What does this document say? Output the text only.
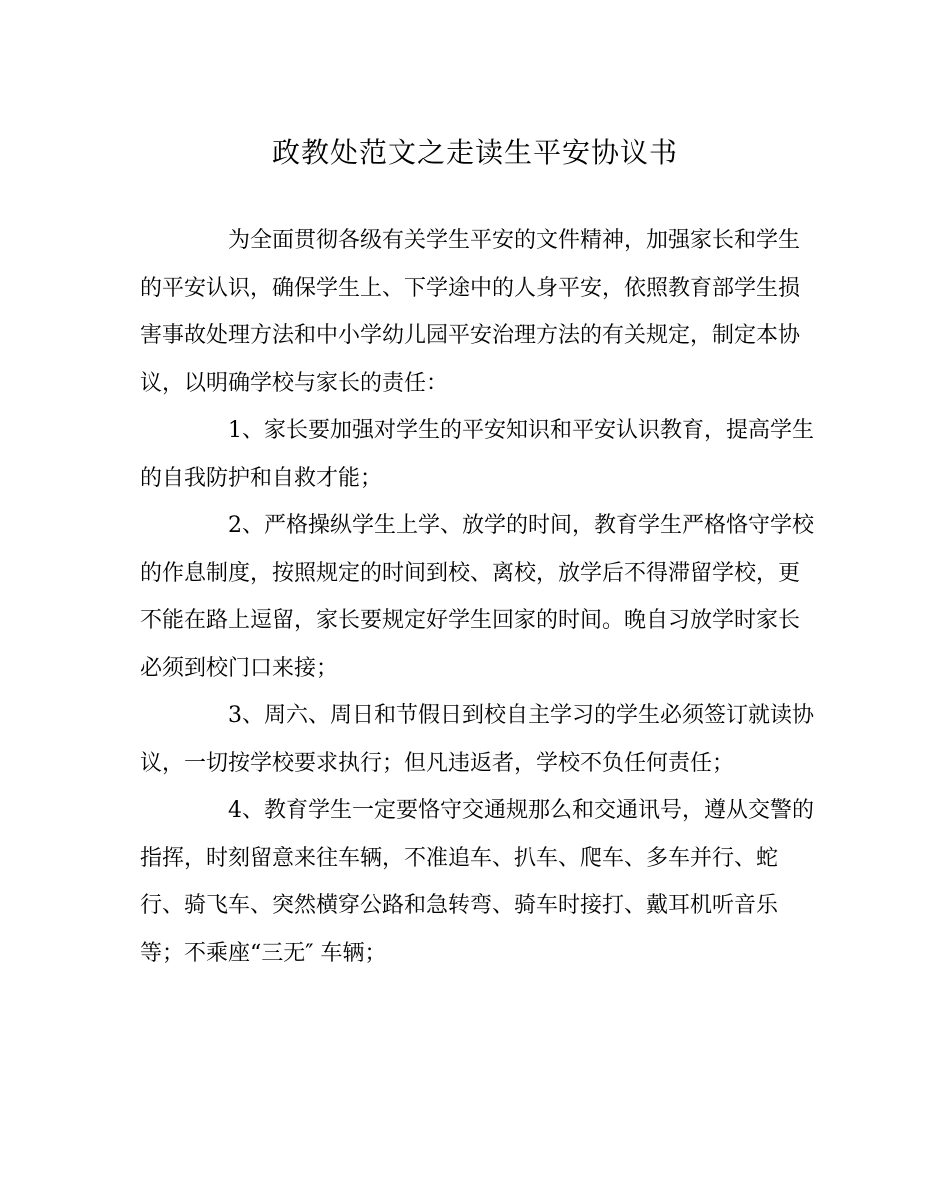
政教处范文之走读生平安协议书
为全面贯彻各级有关学生平安的文件精神，加强家长和学生
的平安认识，确保学生上、下学途中的人身平安，依照教育部学生损
害事故处理方法和中小学幼儿园平安治理方法的有关规定，制定本协
议，以明确学校与家长的责任：
1、家长要加强对学生的平安知识和平安认识教育，提高学生
的自我防护和自救才能；
2、严格操纵学生上学、放学的时间，教育学生严格恪守学校
的作息制度，按照规定的时间到校、离校，放学后不得滞留学校，更
不能在路上逗留，家长要规定好学生回家的时间。晚自习放学时家长
必须到校门口来接；
3、周六、周日和节假日到校自主学习的学生必须签订就读协
议，一切按学校要求执行；但凡违返者，学校不负任何责任；
4、教育学生一定要恪守交通规那么和交通讯号，遵从交警的
指挥，时刻留意来往车辆，不准追车、扒车、爬车、多车并行、蛇
行、骑飞车、突然横穿公路和急转弯、骑车时接打、戴耳机听音乐
等；不乘座“三无″ 车辆；
